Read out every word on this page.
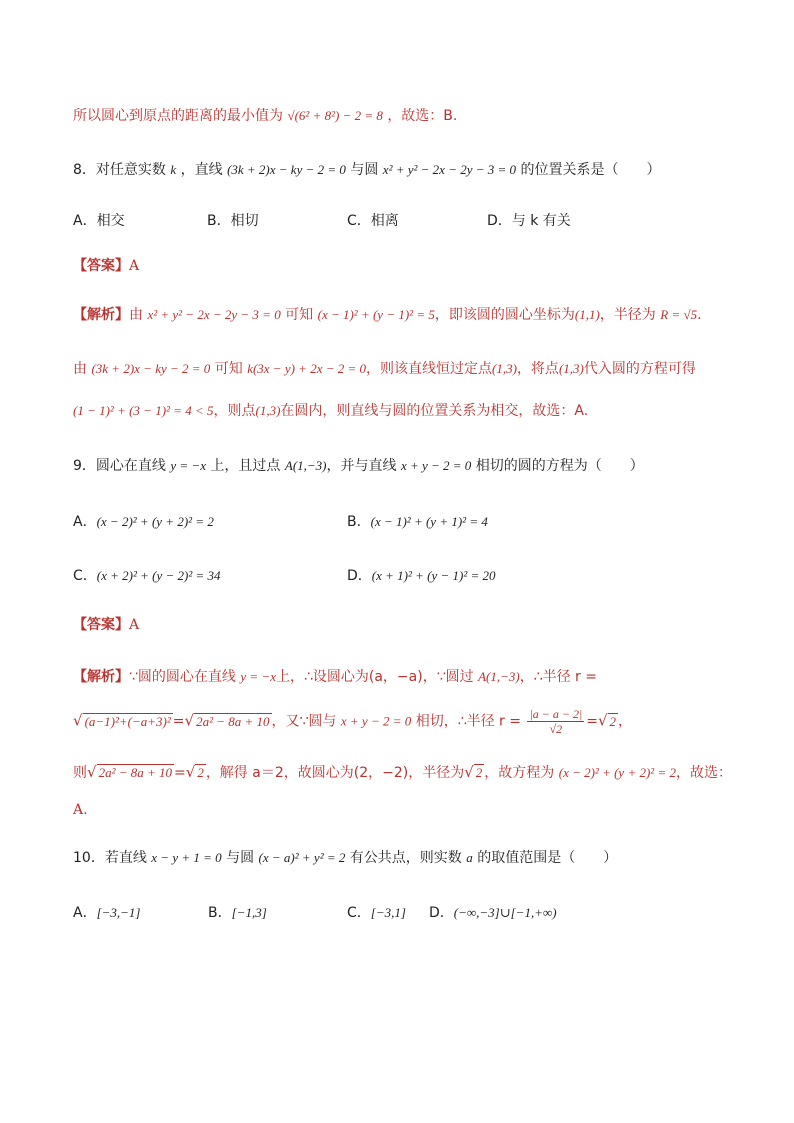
所以圆心到原点的距离的最小值为 √(6² + 8²) − 2 = 8 ，故选：B.
8．对任意实数 k ，直线 (3k + 2)x − ky − 2 = 0 与圆 x² + y² − 2x − 2y − 3 = 0 的位置关系是（　　）
A．相交	B．相切	C．相离	D．与 k 有关
【答案】A
【解析】由 x² + y² − 2x − 2y − 3 = 0 可知 (x − 1)² + (y − 1)² = 5，即该圆的圆心坐标为(1,1)，半径为 R = √5.
由 (3k + 2)x − ky − 2 = 0 可知 k(3x − y) + 2x − 2 = 0，则该直线恒过定点(1,3)，将点(1,3)代入圆的方程可得
(1 − 1)² + (3 − 1)² = 4 < 5，则点(1,3)在圆内，则直线与圆的位置关系为相交，故选：A.
9．圆心在直线 y = −x 上，且过点 A(1,−3)，并与直线 x + y − 2 = 0 相切的圆的方程为（　　）
A．(x − 2)² + (y + 2)² = 2	B．(x − 1)² + (y + 1)² = 4
C．(x + 2)² + (y − 2)² = 34	D．(x + 1)² + (y − 1)² = 20
【答案】A
【解析】∵圆的圆心在直线 y = −x上，∴设圆心为(a，−a)，∵圆过 A(1,−3)，∴半径 r =
√ (a−1)²+(−a+3)² =√ 2a² − 8a + 10 ，又∵圆与 x + y − 2 = 0 相切，∴半径 $r = \frac{|a - a - 2|}{√2}$ =√ 2 ，
则√ 2a² − 8a + 10 =√ 2 ，解得 a＝2，故圆心为(2，−2)，半径为√ 2 ，故方程为 (x − 2)² + (y + 2)² = 2，故选：
A.
10．若直线 x − y + 1 = 0 与圆 (x − a)² + y² = 2 有公共点，则实数 a 的取值范围是（　　）
A．[−3,−1]	B．[−1,3]	C．[−3,1] D．(−∞,−3]∪[−1,+∞)
